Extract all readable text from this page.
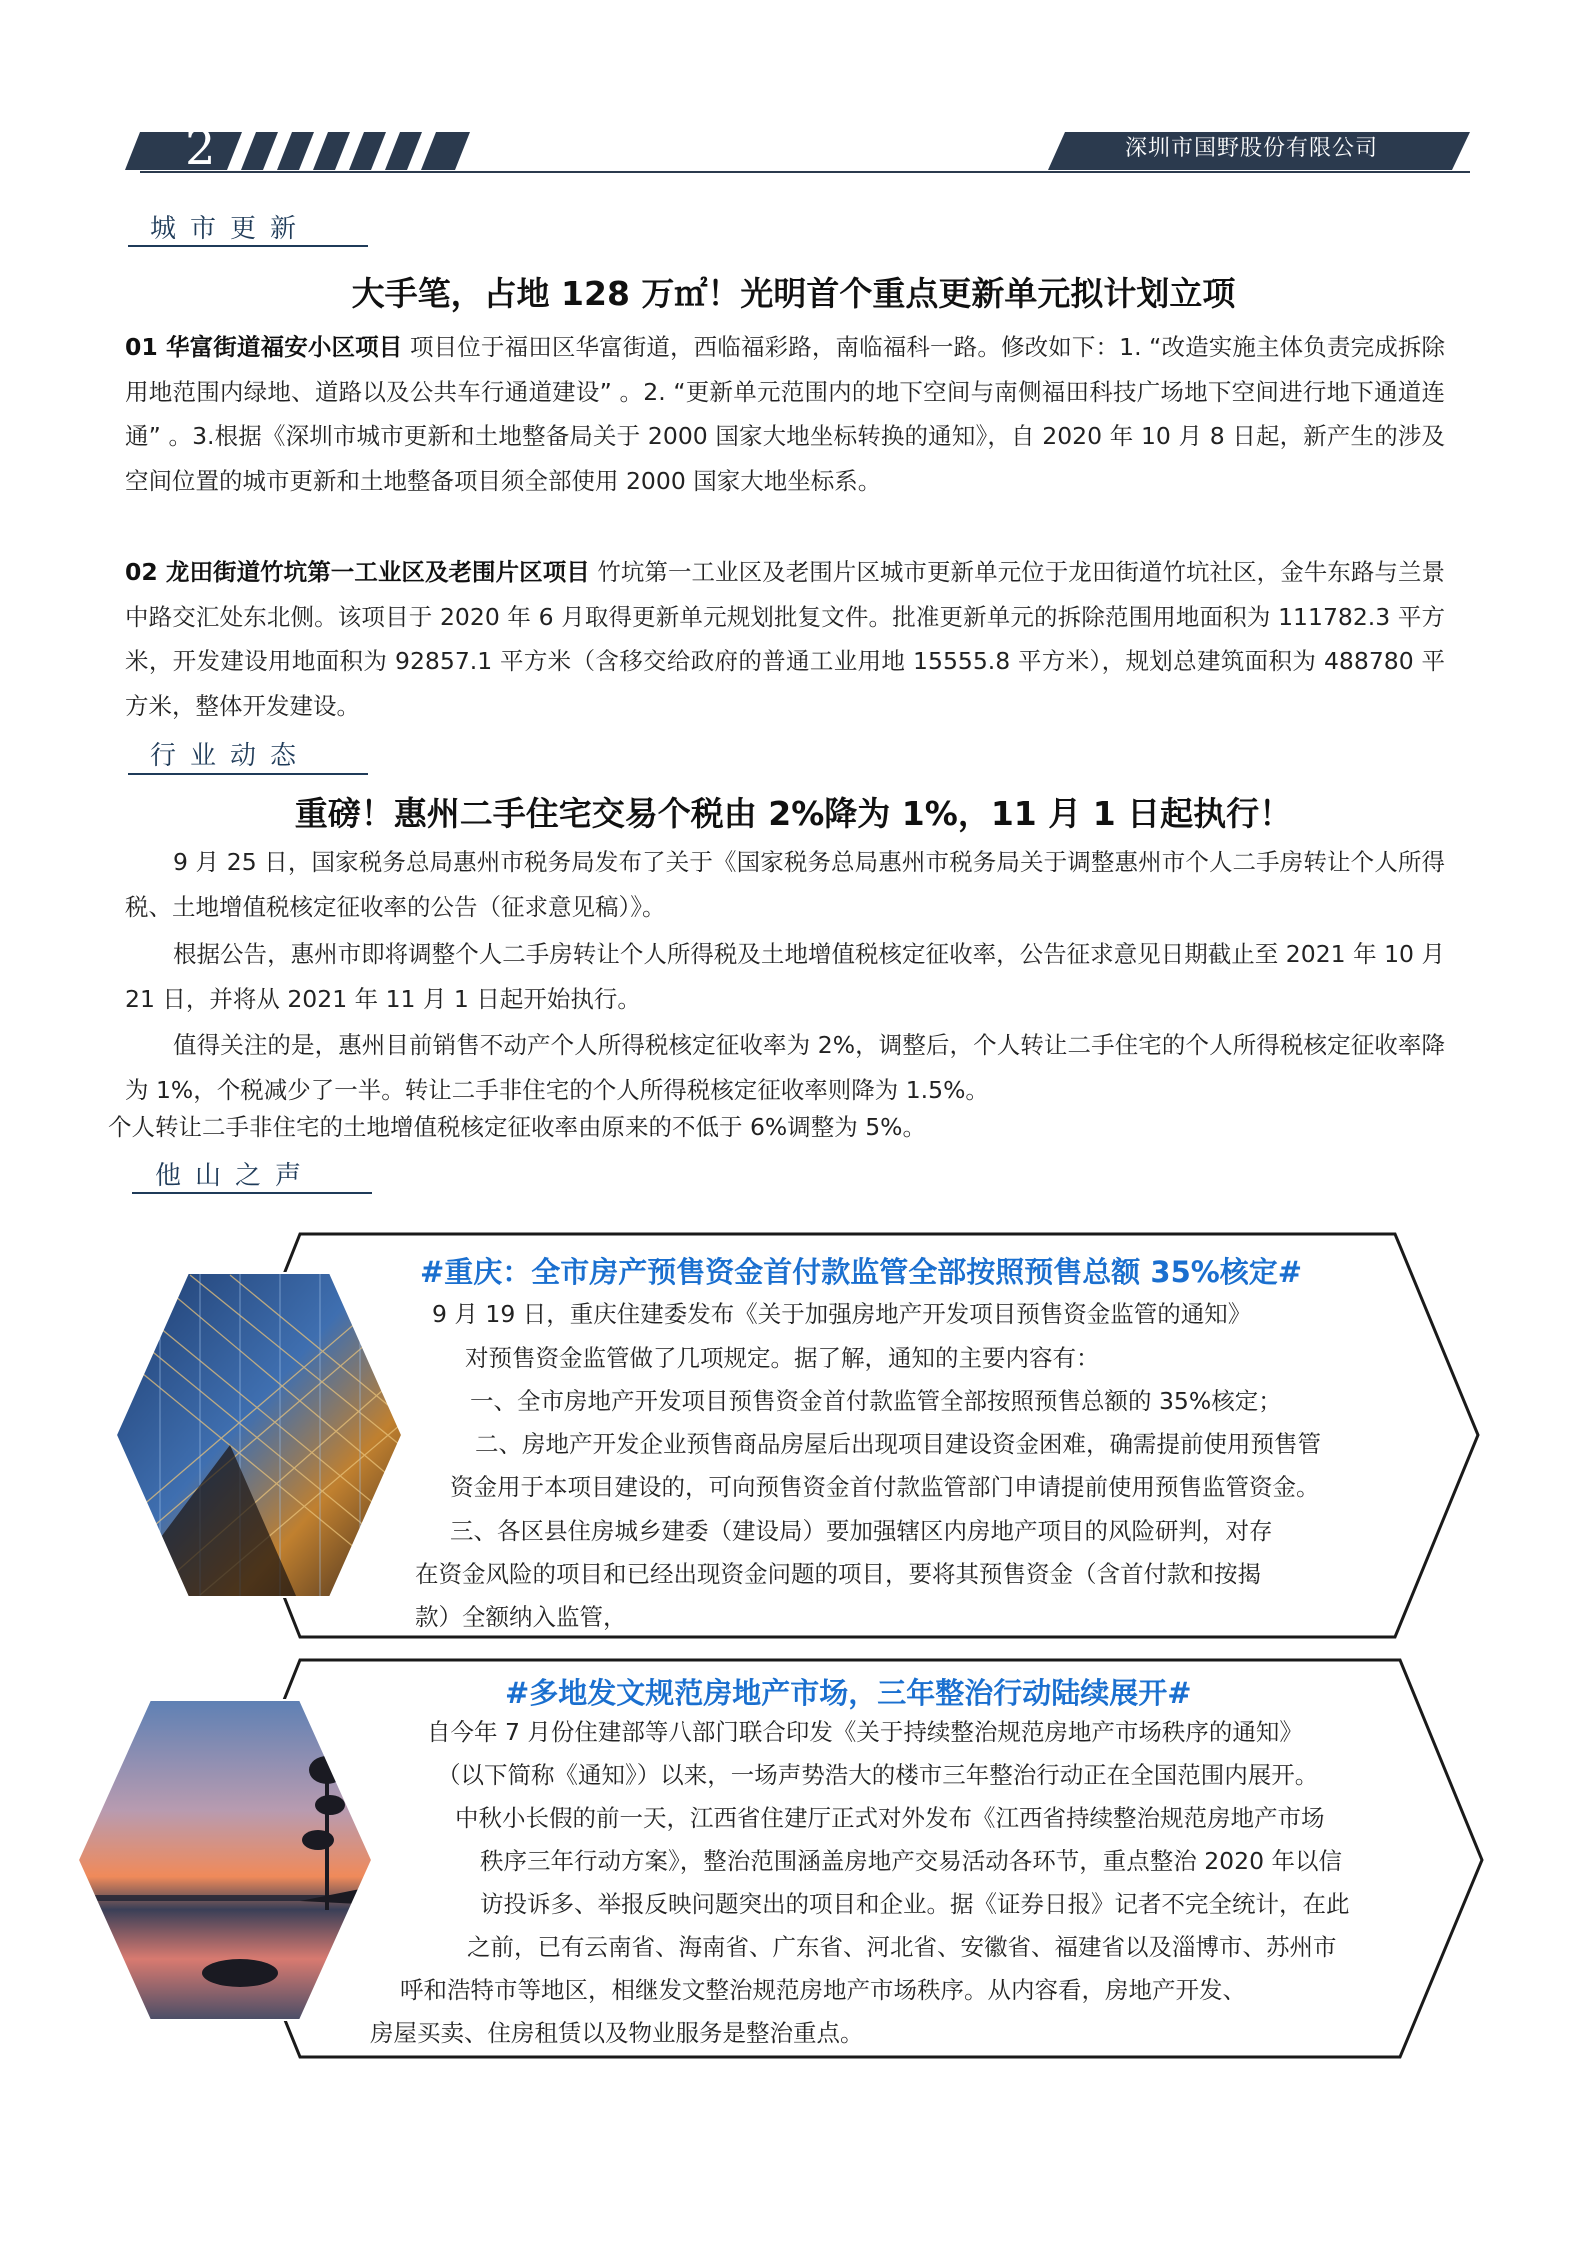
2	深圳市国野股份有限公司
城市更新
大手笔，占地 128 万㎡！光明首个重点更新单元拟计划立项
01 华富街道福安小区项目 项目位于福田区华富街道，西临福彩路，南临福科一路。修改如下：1. “改造实施主体负责完成拆除用地范围内绿地、道路以及公共车行通道建设” 。2. “更新单元范围内的地下空间与南侧福田科技广场地下空间进行地下通道连通” 。3.根据《深圳市城市更新和土地整备局关于 2000 国家大地坐标转换的通知》，自 2020 年 10 月 8 日起，新产生的涉及空间位置的城市更新和土地整备项目须全部使用 2000 国家大地坐标系。
02 龙田街道竹坑第一工业区及老围片区项目 竹坑第一工业区及老围片区城市更新单元位于龙田街道竹坑社区，金牛东路与兰景中路交汇处东北侧。该项目于 2020 年 6 月取得更新单元规划批复文件。批准更新单元的拆除范围用地面积为 111782.3 平方米，开发建设用地面积为 92857.1 平方米（含移交给政府的普通工业用地 15555.8 平方米），规划总建筑面积为 488780 平方米，整体开发建设。
行业动态
重磅！惠州二手住宅交易个税由 2%降为 1%，11 月 1 日起执行！
9 月 25 日，国家税务总局惠州市税务局发布了关于《国家税务总局惠州市税务局关于调整惠州市个人二手房转让个人所得税、土地增值税核定征收率的公告（征求意见稿）》。
根据公告，惠州市即将调整个人二手房转让个人所得税及土地增值税核定征收率，公告征求意见日期截止至 2021 年 10 月 21 日，并将从 2021 年 11 月 1 日起开始执行。
值得关注的是，惠州目前销售不动产个人所得税核定征收率为 2%，调整后，个人转让二手住宅的个人所得税核定征收率降为 1%，个税减少了一半。转让二手非住宅的个人所得税核定征收率则降为 1.5%。
个人转让二手非住宅的土地增值税核定征收率由原来的不低于 6%调整为 5%。
他山之声
#重庆：全市房产预售资金首付款监管全部按照预售总额 35%核定#
9 月 19 日，重庆住建委发布《关于加强房地产开发项目预售资金监管的通知》
对预售资金监管做了几项规定。据了解，通知的主要内容有：
一、全市房地产开发项目预售资金首付款监管全部按照预售总额的 35%核定；
二、房地产开发企业预售商品房屋后出现项目建设资金困难，确需提前使用预售管
资金用于本项目建设的，可向预售资金首付款监管部门申请提前使用预售监管资金。
三、各区县住房城乡建委（建设局）要加强辖区内房地产项目的风险研判，对存
在资金风险的项目和已经出现资金问题的项目，要将其预售资金（含首付款和按揭
款）全额纳入监管，
#多地发文规范房地产市场，三年整治行动陆续展开#
自今年 7 月份住建部等八部门联合印发《关于持续整治规范房地产市场秩序的通知》
（以下简称《通知》）以来，一场声势浩大的楼市三年整治行动正在全国范围内展开。
中秋小长假的前一天，江西省住建厅正式对外发布《江西省持续整治规范房地产市场
秩序三年行动方案》，整治范围涵盖房地产交易活动各环节，重点整治 2020 年以信
访投诉多、举报反映问题突出的项目和企业。据《证券日报》记者不完全统计，在此
之前，已有云南省、海南省、广东省、河北省、安徽省、福建省以及淄博市、苏州市
呼和浩特市等地区，相继发文整治规范房地产市场秩序。从内容看，房地产开发、
房屋买卖、住房租赁以及物业服务是整治重点。
